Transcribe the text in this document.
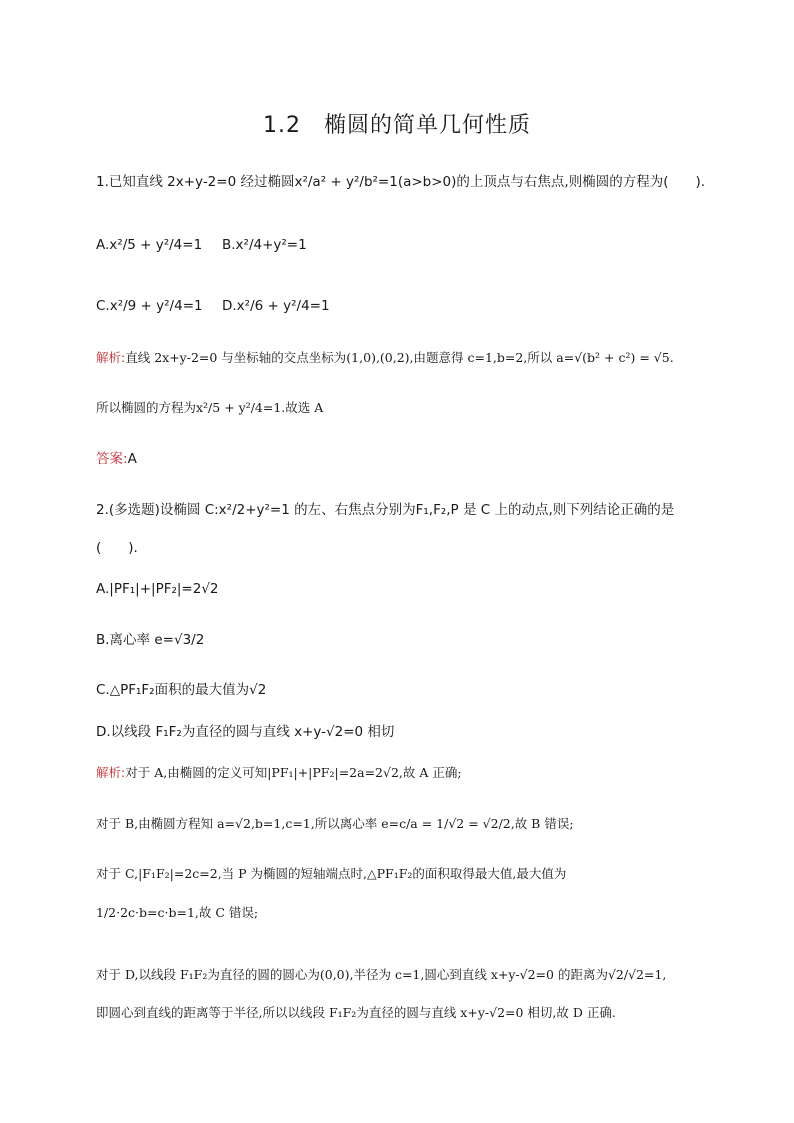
1.2　椭圆的简单几何性质
1.已知直线 2x+y-2=0 经过椭圆x²/a² + y²/b²=1(a>b>0)的上顶点与右焦点,则椭圆的方程为(　　).
A.x²/5 + y²/4=1 B.x²/4+y²=1
C.x²/9 + y²/4=1 D.x²/6 + y²/4=1
解析:直线 2x+y-2=0 与坐标轴的交点坐标为(1,0),(0,2),由题意得 c=1,b=2,所以 a=√(b² + c²) = √5.
所以椭圆的方程为x²/5 + y²/4=1.故选 A
答案:A
2.(多选题)设椭圆 C:x²/2+y²=1 的左、右焦点分别为F₁,F₂,P 是 C 上的动点,则下列结论正确的是
(　　).
A.|PF₁|+|PF₂|=2√2
B.离心率 e=√3/2
C.△PF₁F₂面积的最大值为√2
D.以线段 F₁F₂为直径的圆与直线 x+y-√2=0 相切
解析:对于 A,由椭圆的定义可知|PF₁|+|PF₂|=2a=2√2,故 A 正确;
对于 B,由椭圆方程知 a=√2,b=1,c=1,所以离心率 e=c/a = 1/√2 = √2/2,故 B 错误;
对于 C,|F₁F₂|=2c=2,当 P 为椭圆的短轴端点时,△PF₁F₂的面积取得最大值,最大值为
1/2·2c·b=c·b=1,故 C 错误;
对于 D,以线段 F₁F₂为直径的圆的圆心为(0,0),半径为 c=1,圆心到直线 x+y-√2=0 的距离为√2/√2=1,
即圆心到直线的距离等于半径,所以以线段 F₁F₂为直径的圆与直线 x+y-√2=0 相切,故 D 正确.
